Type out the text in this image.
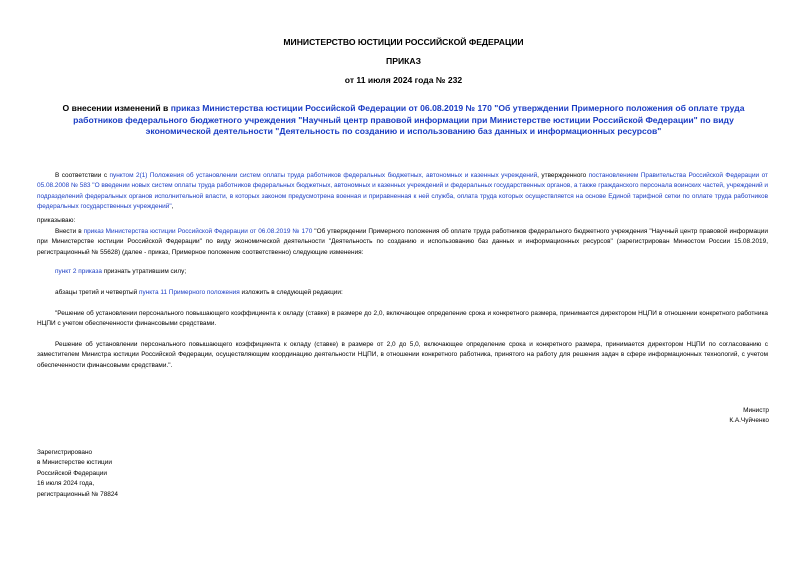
МИНИСТЕРСТВО ЮСТИЦИИ РОССИЙСКОЙ ФЕДЕРАЦИИ
ПРИКАЗ
от 11 июля 2024 года № 232
О внесении изменений в приказ Министерства юстиции Российской Федерации от 06.08.2019 № 170 "Об утверждении Примерного положения об оплате труда работников федерального бюджетного учреждения "Научный центр правовой информации при Министерстве юстиции Российской Федерации" по виду экономической деятельности "Деятельность по созданию и использованию баз данных и информационных ресурсов"
В соответствии с пунктом 2(1) Положения об установлении систем оплаты труда работников федеральных бюджетных, автономных и казенных учреждений, утвержденного постановлением Правительства Российской Федерации от 05.08.2008 № 583 "О введении новых систем оплаты труда работников федеральных бюджетных, автономных и казенных учреждений и федеральных государственных органов, а также гражданского персонала воинских частей, учреждений и подразделений федеральных органов исполнительной власти, в которых законом предусмотрена военная и приравненная к ней служба, оплата труда которых осуществляется на основе Единой тарифной сетки по оплате труда работников федеральных государственных учреждений",
приказываю:
Внести в приказ Министерства юстиции Российской Федерации от 06.08.2019 № 170 "Об утверждении Примерного положения об оплате труда работников федерального бюджетного учреждения "Научный центр правовой информации при Министерстве юстиции Российской Федерации" по виду экономической деятельности "Деятельность по созданию и использованию баз данных и информационных ресурсов" (зарегистрирован Минюстом России 15.08.2019, регистрационный № 55628) (далее - приказ, Примерное положение соответственно) следующие изменения:
пункт 2 приказа признать утратившим силу;
абзацы третий и четвертый пункта 11 Примерного положения изложить в следующей редакции:
"Решение об установлении персонального повышающего коэффициента к окладу (ставке) в размере до 2,0, включающее определение срока и конкретного размера, принимается директором НЦПИ в отношении конкретного работника НЦПИ с учетом обеспеченности финансовыми средствами.
Решение об установлении персонального повышающего коэффициента к окладу (ставке) в размере от 2,0 до 5,0, включающее определение срока и конкретного размера, принимается директором НЦПИ по согласованию с заместителем Министра юстиции Российской Федерации, осуществляющим координацию деятельности НЦПИ, в отношении конкретного работника, принятого на работу для решения задач в сфере информационных технологий, с учетом обеспеченности финансовыми средствами.".
Министр
К.А.Чуйченко
Зарегистрировано
в Министерстве юстиции
Российской Федерации
16 июля 2024 года,
регистрационный № 78824
